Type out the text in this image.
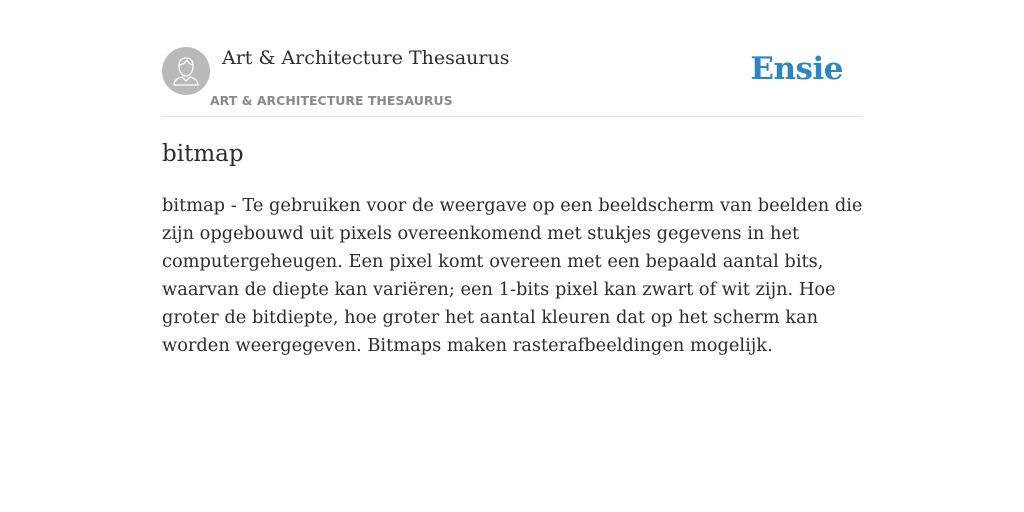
Art & Architecture Thesaurus
ART & ARCHITECTURE THESAURUS
Ensie
bitmap

bitmap - Te gebruiken voor de weergave op een beeldscherm van beelden die zijn opgebouwd uit pixels overeenkomend met stukjes gegevens in het computergeheugen. Een pixel komt overeen met een bepaald aantal bits, waarvan de diepte kan variëren; een 1-bits pixel kan zwart of wit zijn. Hoe groter de bitdiepte, hoe groter het aantal kleuren dat op het scherm kan worden weergegeven. Bitmaps maken rasterafbeeldingen mogelijk.
